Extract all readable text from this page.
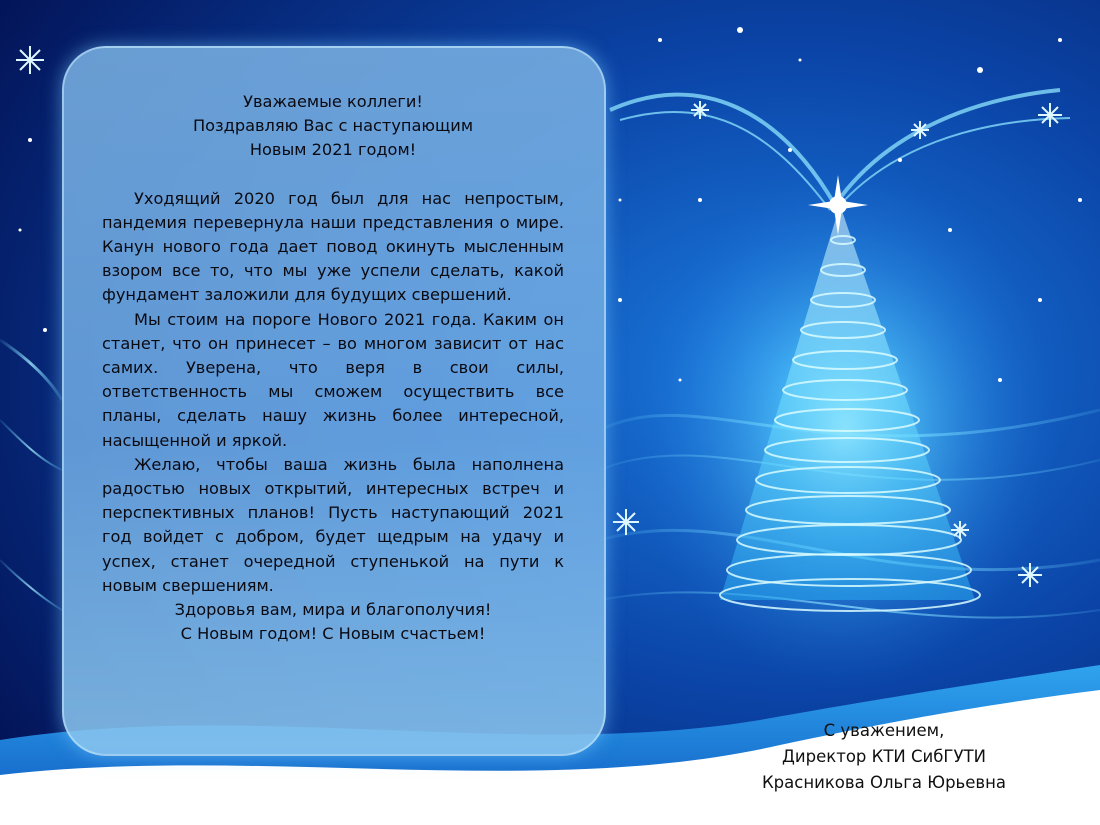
Уважаемые коллеги!
Поздравляю Вас с наступающим
Новым 2021 годом!
Уходящий 2020 год был для нас непростым, пандемия перевернула наши представления о мире. Канун нового года дает повод окинуть мысленным взором все то, что мы уже успели сделать, какой фундамент заложили для будущих свершений.
Мы стоим на пороге Нового 2021 года. Каким он станет, что он принесет – во многом зависит от нас самих. Уверена, что веря в свои силы, ответственность мы сможем осуществить все планы, сделать нашу жизнь более интересной, насыщенной и яркой.
Желаю, чтобы ваша жизнь была наполнена радостью новых открытий, интересных встреч и перспективных планов! Пусть наступающий 2021 год войдет с добром, будет щедрым на удачу и успех, станет очередной ступенькой на пути к новым свершениям.
Здоровья вам, мира и благополучия!
С Новым годом! С Новым счастьем!
С уважением,
Директор КТИ СибГУТИ
Красникова Ольга Юрьевна
